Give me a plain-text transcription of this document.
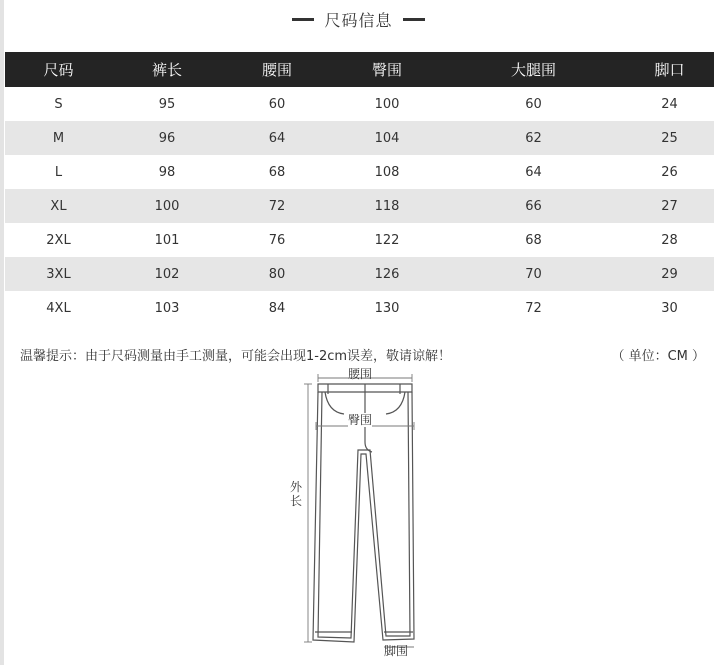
尺码信息
尺码	裤长	腰围	臀围	大腿围	脚口
S	95	60	100	60	24
M	96	64	104	62	25
L	98	68	108	64	26
XL	100	72	118	66	27
2XL	101	76	122	68	28
3XL	102	80	126	70	29
4XL	103	84	130	72	30
温馨提示：由于尺码测量由手工测量，可能会出现1-2cm误差，敬请谅解！	（ 单位：CM ）
腰围
臀围
外长
脚围
